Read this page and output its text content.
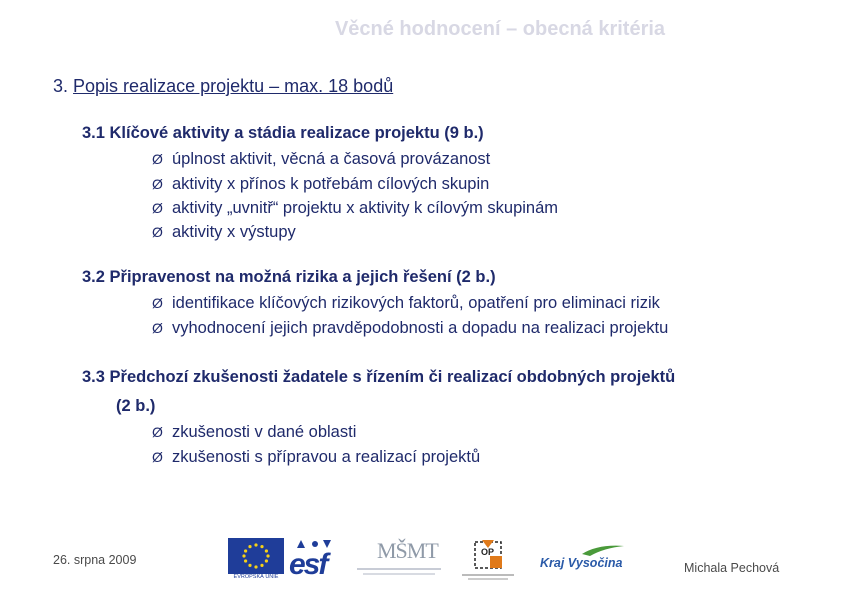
Věcné hodnocení – obecná kritéria
3. Popis realizace projektu – max. 18 bodů
3.1 Klíčové aktivity a stádia realizace projektu (9 b.)
Ø úplnost aktivit, věcná a časová provázanost
Ø aktivity x přínos k potřebám cílových skupin
Ø aktivity „uvnitř“ projektu x aktivity k cílovým skupinám
Ø aktivity x výstupy
3.2 Připravenost na možná rizika a jejich řešení (2 b.)
Ø identifikace klíčových rizikových faktorů, opatření pro eliminaci rizik
Ø vyhodnocení jejich pravděpodobnosti a dopadu na realizaci projektu
3.3 Předchozí zkušenosti žadatele s řízením či realizací obdobných projektů
(2 b.)
Ø zkušenosti v dané oblasti
Ø zkušenosti s přípravou a realizací projektů
26. srpna 2009
Michala Pechová
EVROPSKÁ UNIE esf MŠMT	OP
Kraj Vysočina
